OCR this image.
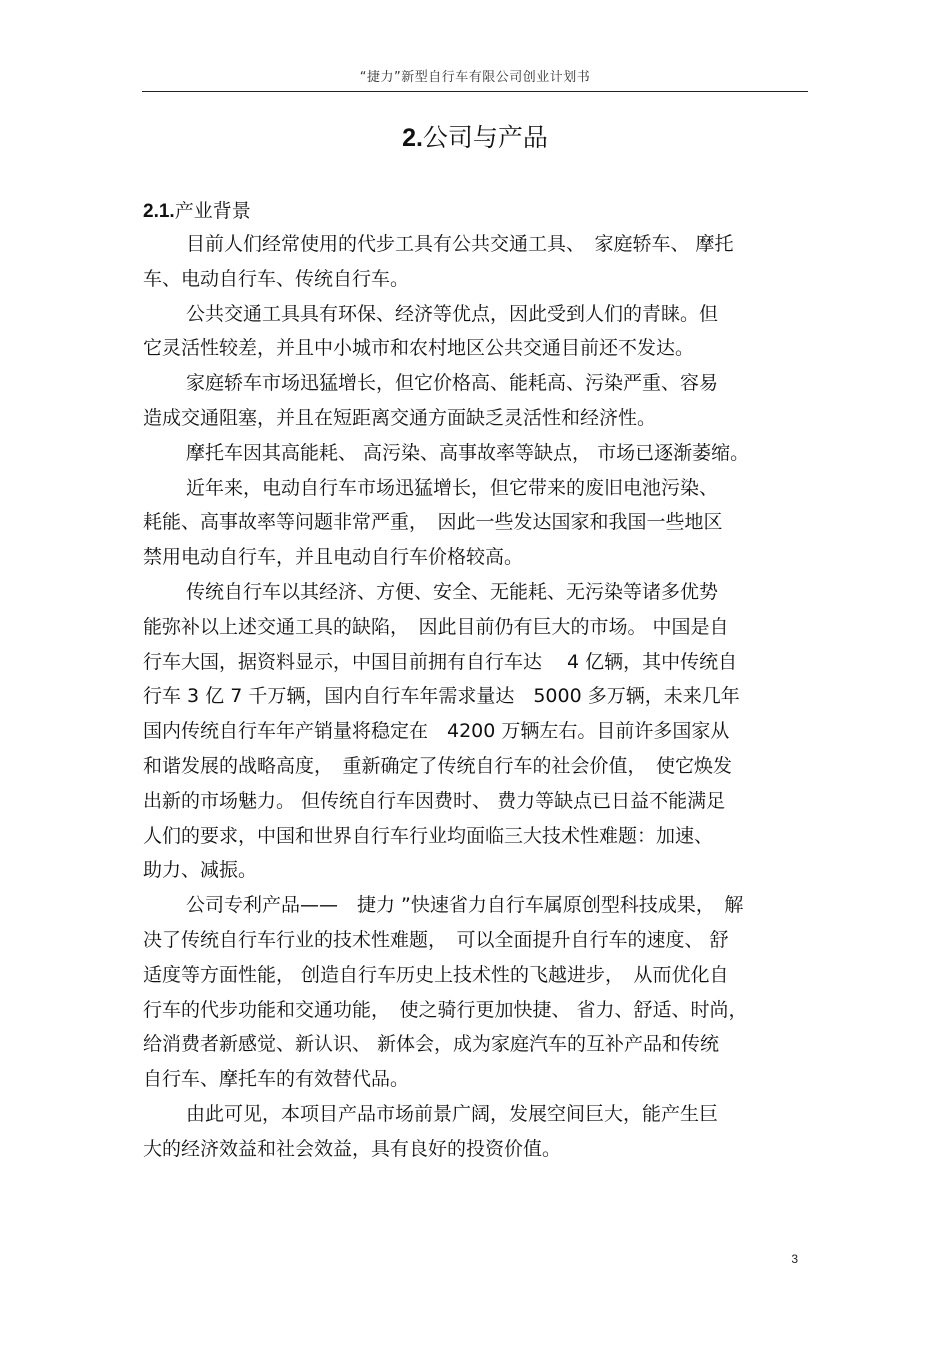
“捷力”新型自行车有限公司创业计划书
2.公司与产品
2.1.产业背景
目前人们经常使用的代步工具有公共交通工具、　家庭轿车、 摩托
车、电动自行车、传统自行车。
公共交通工具具有环保、经济等优点，因此受到人们的青睐。但
它灵活性较差，并且中小城市和农村地区公共交通目前还不发达。
家庭轿车市场迅猛增长，但它价格高、能耗高、污染严重、容易
造成交通阻塞，并且在短距离交通方面缺乏灵活性和经济性。
摩托车因其高能耗、 高污染、高事故率等缺点， 市场已逐渐萎缩。
近年来，电动自行车市场迅猛增长，但它带来的废旧电池污染、
耗能、高事故率等问题非常严重，　因此一些发达国家和我国一些地区
禁用电动自行车，并且电动自行车价格较高。
传统自行车以其经济、方便、安全、无能耗、无污染等诸多优势
能弥补以上述交通工具的缺陷，　因此目前仍有巨大的市场。 中国是自
行车大国，据资料显示，中国目前拥有自行车达　 4 亿辆，其中传统自
行车 3 亿 7 千万辆，国内自行车年需求量达　5000 多万辆，未来几年
国内传统自行车年产销量将稳定在　4200 万辆左右。目前许多国家从
和谐发展的战略高度，　重新确定了传统自行车的社会价值，　使它焕发
出新的市场魅力。 但传统自行车因费时、 费力等缺点已日益不能满足
人们的要求，中国和世界自行车行业均面临三大技术性难题：加速、
助力、减振。
公司专利产品——　捷力 ”快速省力自行车属原创型科技成果，　解
决了传统自行车行业的技术性难题，　可以全面提升自行车的速度、 舒
适度等方面性能， 创造自行车历史上技术性的飞越进步，　从而优化自
行车的代步功能和交通功能，　使之骑行更加快捷、 省力、舒适、时尚，
给消费者新感觉、新认识、 新体会，成为家庭汽车的互补产品和传统
自行车、摩托车的有效替代品。
由此可见，本项目产品市场前景广阔，发展空间巨大，能产生巨
大的经济效益和社会效益，具有良好的投资价值。
3
